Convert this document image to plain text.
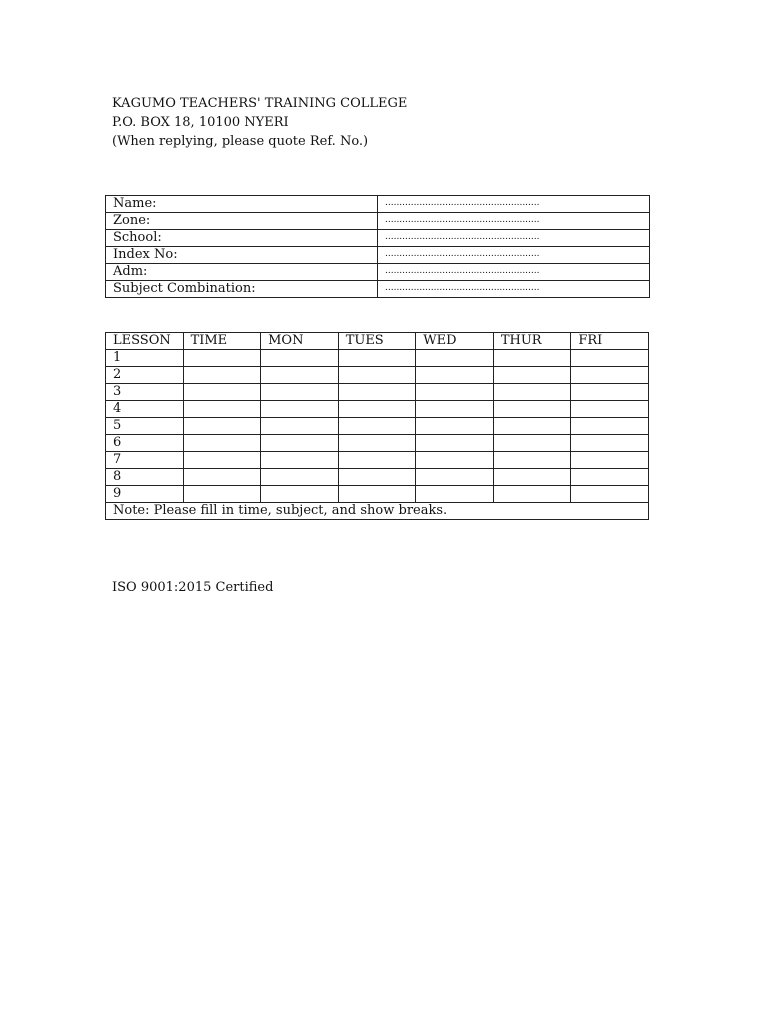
KAGUMO TEACHERS' TRAINING COLLEGE
P.O. BOX 18, 10100 NYERI
(When replying, please quote Ref. No.)
Name:	......................................................
Zone:	......................................................
School:	......................................................
Index No:	......................................................
Adm:	......................................................
Subject Combination:	......................................................
LESSON	TIME	MON	TUES	WED	THUR	FRI
1						
2						
3						
4						
5						
6						
7						
8						
9						
Note: Please fill in time, subject, and show breaks.						
ISO 9001:2015 Certified
